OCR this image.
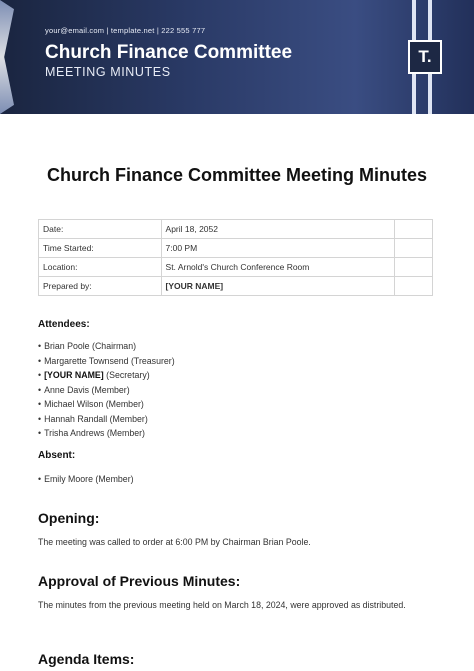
your@email.com | template.net | 222 555 777
Church Finance Committee
MEETING MINUTES
T.
Church Finance Committee Meeting Minutes
Date:	April 18, 2052	
Time Started:	7:00 PM	
Location:	St. Arnold's Church Conference Room	
Prepared by:	[YOUR NAME]	
Attendees:
• Brian Poole (Chairman)
• Margarette Townsend (Treasurer)
• [YOUR NAME] (Secretary)
• Anne Davis (Member)
• Michael Wilson (Member)
• Hannah Randall (Member)
• Trisha Andrews (Member)
Absent:
• Emily Moore (Member)
Opening:
The meeting was called to order at 6:00 PM by Chairman Brian Poole.
Approval of Previous Minutes:
The minutes from the previous meeting held on March 18, 2024, were approved as distributed.
Agenda Items:
